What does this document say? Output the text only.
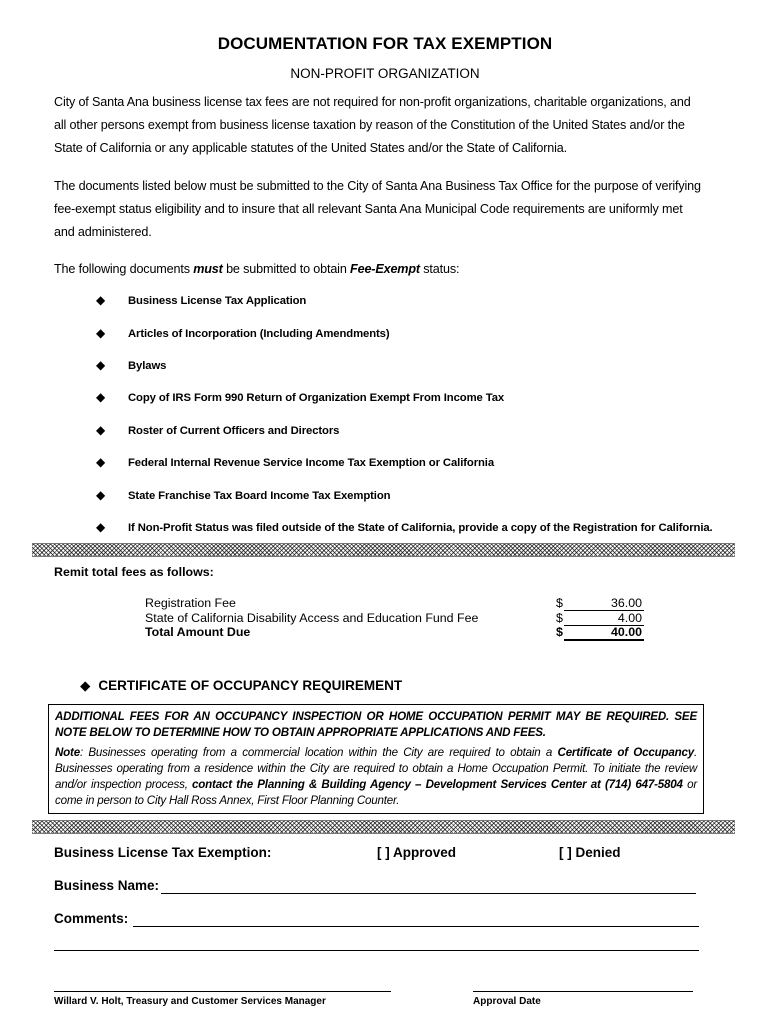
DOCUMENTATION FOR TAX EXEMPTION
NON-PROFIT ORGANIZATION
City of Santa Ana business license tax fees are not required for non-profit organizations, charitable organizations, and all other persons exempt from business license taxation by reason of the Constitution of the United States and/or the State of California or any applicable statutes of the United States and/or the State of California.
The documents listed below must be submitted to the City of Santa Ana Business Tax Office for the purpose of verifying fee-exempt status eligibility and to insure that all relevant Santa Ana Municipal Code requirements are uniformly met and administered.
The following documents must be submitted to obtain Fee-Exempt status:
◆ Business License Tax Application
◆ Articles of Incorporation (Including Amendments)
◆ Bylaws
◆ Copy of IRS Form 990 Return of Organization Exempt From Income Tax
◆ Roster of Current Officers and Directors
◆ Federal Internal Revenue Service Income Tax Exemption or California
◆ State Franchise Tax Board Income Tax Exemption
◆ If Non-Profit Status was filed outside of the State of California, provide a copy of the Registration for California.
Remit total fees as follows:
Registration Fee	$	36.00
State of California Disability Access and Education Fund Fee	$	4.00
Total Amount Due	$	40.00
◆ CERTIFICATE OF OCCUPANCY REQUIREMENT
ADDITIONAL FEES FOR AN OCCUPANCY INSPECTION OR HOME OCCUPATION PERMIT MAY BE REQUIRED. SEE NOTE BELOW TO DETERMINE HOW TO OBTAIN APPROPRIATE APPLICATIONS AND FEES.
Note: Businesses operating from a commercial location within the City are required to obtain a Certificate of Occupancy. Businesses operating from a residence within the City are required to obtain a Home Occupation Permit. To initiate the review and/or inspection process, contact the Planning & Building Agency – Development Services Center at (714) 647-5804 or come in person to City Hall Ross Annex, First Floor Planning Counter.
Business License Tax Exemption:	[ ] Approved	[ ] Denied
Business Name:
Comments:
Willard V. Holt, Treasury and Customer Services Manager	Approval Date
